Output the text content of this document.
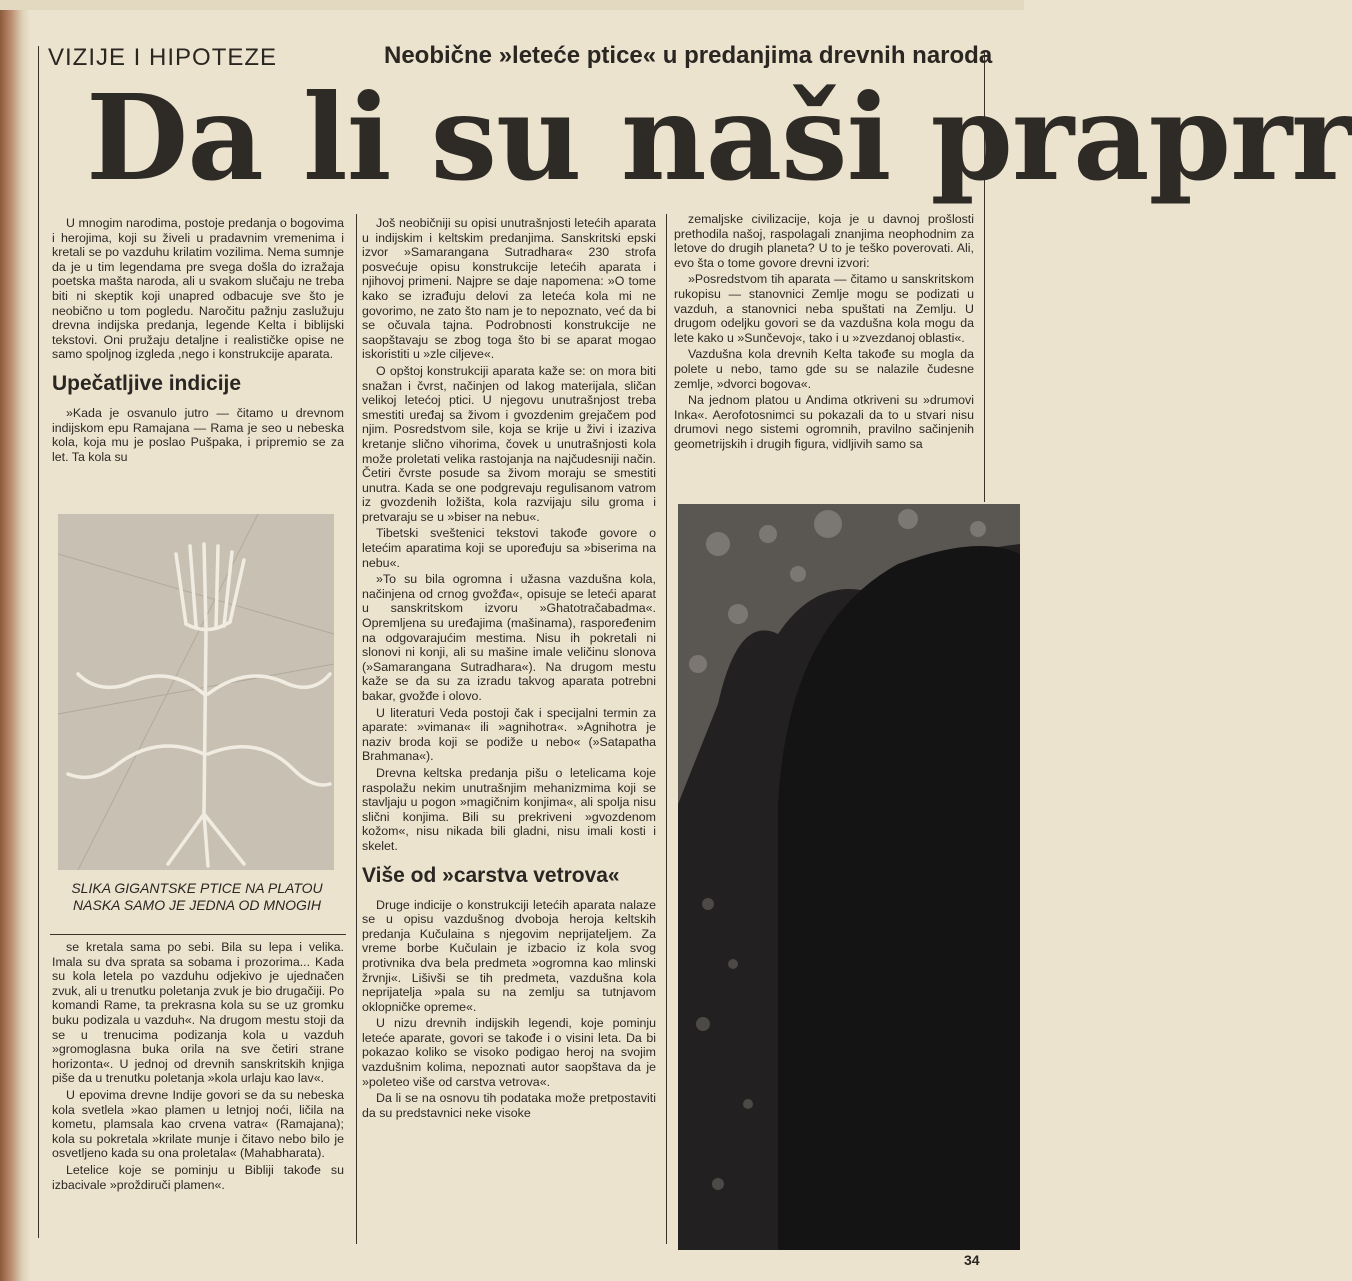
VIZIJE I HIPOTEZE	Neobične »leteće ptice« u predanjima drevnih naroda
Da li su naši praprr

U mnogim narodima, postoje predanja o bogovima i herojima, koji su živeli u pradavnim vremenima i kretali se po vazduhu krilatim vozilima. Nema sumnje da je u tim legendama pre svega došla do izražaja poetska mašta naroda, ali u svakom slučaju ne treba biti ni skeptik koji unapred odbacuje sve što je neobično u tom pogledu. Naročitu pažnju zaslužuju drevna indijska predanja, legende Kelta i biblijski tekstovi. Oni pružaju detaljne i realističke opise ne samo spoljnog izgleda ,nego i konstrukcije aparata.

Upečatljive indicije

»Kada je osvanulo jutro — čitamo u drevnom indijskom epu Ramajana — Rama je seo u nebeska kola, koja mu je poslao Pušpaka, i pripremio se za let. Ta kola su

SLIKA GIGANTSKE PTICE NA PLATOU NASKA SAMO JE JEDNA OD MNOGIH

se kretala sama po sebi. Bila su lepa i velika. Imala su dva sprata sa sobama i prozorima... Kada su kola letela po vazduhu odjekivo je ujednačen zvuk, ali u trenutku poletanja zvuk je bio drugačiji. Po komandi Rame, ta prekrasna kola su se uz gromku buku podizala u vazduh«. Na drugom mestu stoji da se u trenucima podizanja kola u vazduh »gromoglasna buka orila na sve četiri strane horizonta«. U jednoj od drevnih sanskritskih knjiga piše da u trenutku poletanja »kola urlaju kao lav«.

U epovima drevne Indije govori se da su nebeska kola svetlela »kao plamen u letnjoj noći, ličila na kometu, plamsala kao crvena vatra« (Ramajana); kola su pokretala »krilate munje i čitavo nebo bilo je osvetljeno kada su ona proletala« (Mahabharata).

Letelice koje se pominju u Bibliji takođe su izbacivale »proždiruči plamen«.

Još neobičniji su opisi unutrašnjosti letećih aparata u indijskim i keltskim predanjima. Sanskritski epski izvor »Samarangana Sutradhara« 230 strofa posvećuje opisu konstrukcije letećih aparata i njihovoj primeni. Najpre se daje napomena: »O tome kako se izrađuju delovi za leteća kola mi ne govorimo, ne zato što nam je to nepoznato, već da bi se očuvala tajna. Podrobnosti konstrukcije ne saopštavaju se zbog toga što bi se aparat mogao iskoristiti u »zle ciljeve«.

O opštoj konstrukciji aparata kaže se: on mora biti snažan i čvrst, načinjen od lakog materijala, sličan velikoj letećoj ptici. U njegovu unutrašnjost treba smestiti uređaj sa živom i gvozdenim grejačem pod njim. Posredstvom sile, koja se krije u živi i izaziva kretanje slično vihorima, čovek u unutrašnjosti kola može proletati velika rastojanja na najčudesniji način. Četiri čvrste posude sa živom moraju se smestiti unutra. Kada se one podgrevaju regulisanom vatrom iz gvozdenih ložišta, kola razvijaju silu groma i pretvaraju se u »biser na nebu«.

Tibetski sveštenici tekstovi takođe govore o letećim aparatima koji se upoređuju sa »biserima na nebu«.

»To su bila ogromna i užasna vazdušna kola, načinjena od crnog gvožđa«, opisuje se leteći aparat u sanskritskom izvoru »Ghatotračabadma«. Opremljena su uređajima (mašinama), raspoređenim na odgovarajućim mestima. Nisu ih pokretali ni slonovi ni konji, ali su mašine imale veličinu slonova (»Samarangana Sutradhara«). Na drugom mestu kaže se da su za izradu takvog aparata potrebni bakar, gvožđe i olovo.

U literaturi Veda postoji čak i specijalni termin za aparate: »vimana« ili »agnihotra«. »Agnihotra je naziv broda koji se podiže u nebo« (»Satapatha Brahmana«).

Drevna keltska predanja pišu o letelicama koje raspolažu nekim unutrašnjim mehanizmima koji se stavljaju u pogon »magičnim konjima«, ali spolja nisu slični konjima. Bili su prekriveni »gvozdenom kožom«, nisu nikada bili gladni, nisu imali kosti i skelet.

Više od »carstva vetrova«

Druge indicije o konstrukciji letećih aparata nalaze se u opisu vazdušnog dvoboja heroja keltskih predanja Kučulaina s njegovim neprijateljem. Za vreme borbe Kučulain je izbacio iz kola svog protivnika dva bela predmeta »ogromna kao mlinski žrvnji«. Lišivši se tih predmeta, vazdušna kola neprijatelja »pala su na zemlju sa tutnjavom oklopničke opreme«.

U nizu drevnih indijskih legendi, koje pominju leteće aparate, govori se takođe i o visini leta. Da bi pokazao koliko se visoko podigao heroj na svojim vazdušnim kolima, nepoznati autor saopštava da je »poleteo više od carstva vetrova«.

Da li se na osnovu tih podataka može pretpostaviti da su predstavnici neke visoke

zemaljske civilizacije, koja je u davnoj prošlosti prethodila našoj, raspolagali znanjima neophodnim za letove do drugih planeta? U to je teško poverovati. Ali, evo šta o tome govore drevni izvori:

»Posredstvom tih aparata — čitamo u sanskritskom rukopisu — stanovnici Zemlje mogu se podizati u vazduh, a stanovnici neba spuštati na Zemlju. U drugom odeljku govori se da vazdušna kola mogu da lete kako u »Sunčevoj«, tako i u »zvezdanoj oblasti«.

Vazdušna kola drevnih Kelta takođe su mogla da polete u nebo, tamo gde su se nalazile čudesne zemlje, »dvorci bogova«.

Na jednom platou u Andima otkriveni su »drumovi Inka«. Aerofotosnimci su pokazali da to u stvari nisu drumovi nego sistemi ogromnih, pravilno sačinjenih geometrijskih i drugih figura, vidljivih samo sa

34
